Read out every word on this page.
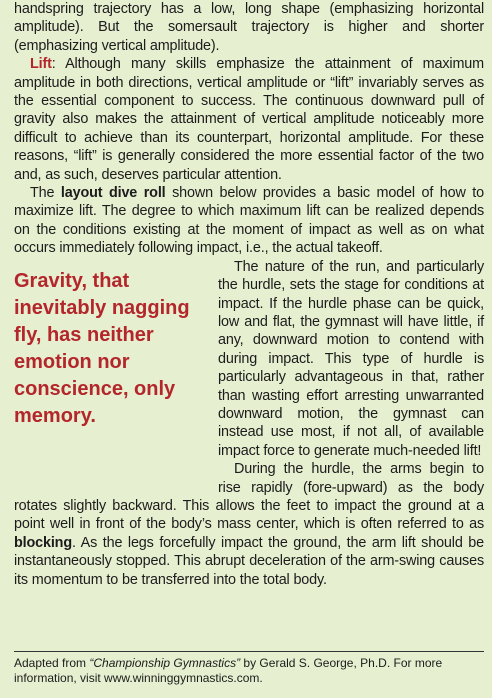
handspring trajectory has a low, long shape (emphasizing horizontal amplitude). But the somersault trajectory is higher and shorter (emphasizing vertical amplitude).

Lift: Although many skills emphasize the attainment of maximum amplitude in both directions, vertical amplitude or “lift” invariably serves as the essential component to success. The continuous downward pull of gravity also makes the attainment of vertical amplitude noticeably more difficult to achieve than its counterpart, horizontal amplitude. For these reasons, “lift” is generally considered the more essential factor of the two and, as such, deserves particular attention.

The layout dive roll shown below provides a basic model of how to maximize lift. The degree to which maximum lift can be realized depends on the conditions existing at the moment of impact as well as on what occurs immediately following impact, i.e., the actual takeoff.

Gravity, that inevitably nagging fly, has neither emotion nor conscience, only memory.

The nature of the run, and particularly the hurdle, sets the stage for conditions at impact. If the hurdle phase can be quick, low and flat, the gymnast will have little, if any, downward motion to contend with during impact. This type of hurdle is particularly advantageous in that, rather than wasting effort arresting unwarranted downward motion, the gymnast can instead use most, if not all, of available impact force to generate much-needed lift!

During the hurdle, the arms begin to rise rapidly (fore-upward) as the body rotates slightly backward. This allows the feet to impact the ground at a point well in front of the body’s mass center, which is often referred to as blocking. As the legs forcefully impact the ground, the arm lift should be instantaneously stopped. This abrupt deceleration of the arm-swing causes its momentum to be transferred into the total body.

Adapted from “Championship Gymnastics” by Gerald S. George, Ph.D. For more information, visit www.winninggymnastics.com.
